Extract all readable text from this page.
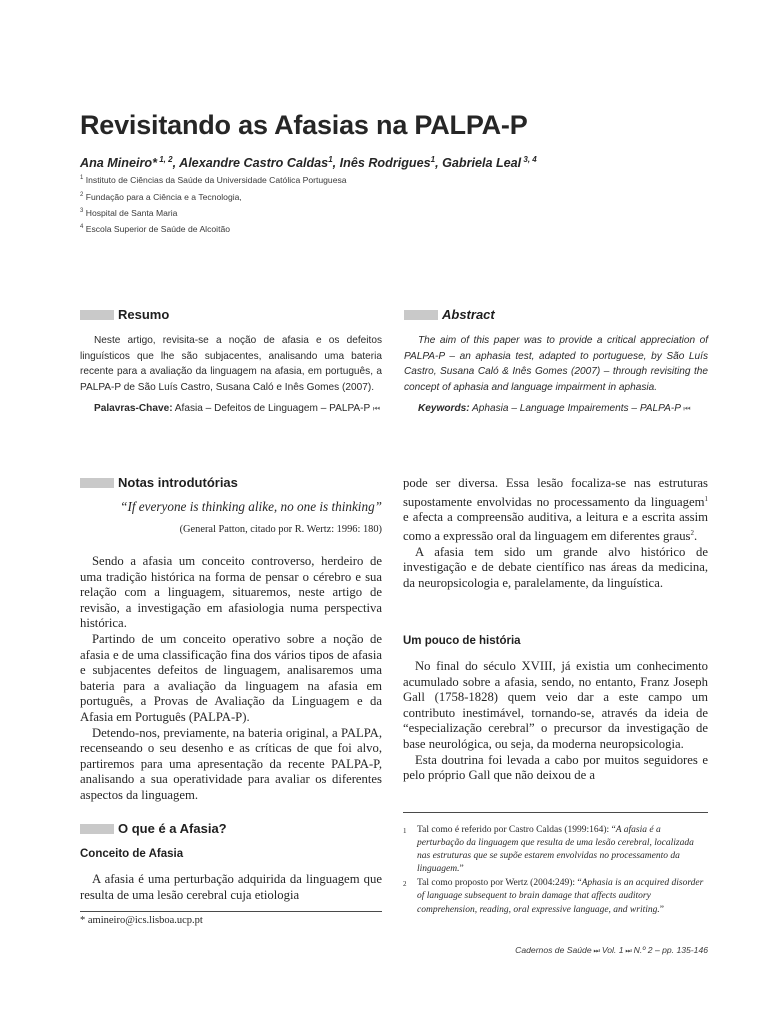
Revisitando as Afasias na PALPA-P
Ana Mineiro* $^{1, 2}$, Alexandre Castro Caldas$^1$, Inês Rodrigues$^1$, Gabriela Leal $^{3, 4}$
$^1$ Instituto de Ciências da Saúde da Universidade Católica Portuguesa
$^2$ Fundação para a Ciência e a Tecnologia,
$^3$ Hospital de Santa Maria
$^4$ Escola Superior de Saúde de Alcoitão
Resumo

Neste artigo, revisita-se a noção de afasia e os defeitos linguísticos que lhe são subjacentes, analisando uma bateria recente para a avaliação da linguagem na afasia, em português, a PALPA-P de São Luís Castro, Susana Caló e Inês Gomes (2007).

Palavras-Chave: Afasia – Defeitos de Linguagem – PALPA-P ⏮

Abstract

The aim of this paper was to provide a critical appreciation of PALPA-P – an aphasia test, adapted to portuguese, by São Luís Castro, Susana Caló & Inês Gomes (2007) – through revisiting the concept of aphasia and language impairment in aphasia.

Keywords: Aphasia – Language Impairements – PALPA-P ⏮

Notas introdutórias
“If everyone is thinking alike, no one is thinking”
(General Patton, citado por R. Wertz: 1996: 180)

Sendo a afasia um conceito controverso, herdeiro de uma tradição histórica na forma de pensar o cérebro e sua relação com a linguagem, situaremos, neste artigo de revisão, a investigação em afasiologia numa perspectiva histórica.

Partindo de um conceito operativo sobre a noção de afasia e de uma classificação fina dos vários tipos de afasia e subjacentes defeitos de linguagem, analisaremos uma bateria para a avaliação da linguagem na afasia em português, a Provas de Avaliação da Linguagem e da Afasia em Português (PALPA-P).

Detendo-nos, previamente, na bateria original, a PALPA, recenseando o seu desenho e as críticas de que foi alvo, partiremos para uma apresentação da recente PALPA-P, analisando a sua operatividade para avaliar os diferentes aspectos da linguagem.

O que é a Afasia?
Conceito de Afasia

A afasia é uma perturbação adquirida da linguagem que resulta de uma lesão cerebral cuja etiologia

* amineiro@ics.lisboa.ucp.pt

pode ser diversa. Essa lesão focaliza-se nas estruturas supostamente envolvidas no processamento da linguagem$^1$ e afecta a compreensão auditiva, a leitura e a escrita assim como a expressão oral da linguagem em diferentes graus$^2$.

A afasia tem sido um grande alvo histórico de investigação e de debate científico nas áreas da medicina, da neuropsicologia e, paralelamente, da linguística.

Um pouco de história

No final do século XVIII, já existia um conhecimento acumulado sobre a afasia, sendo, no entanto, Franz Joseph Gall (1758-1828) quem veio dar a este campo um contributo inestimável, tornando-se, através da ideia de “especialização cerebral” o precursor da investigação de base neurológica, ou seja, da moderna neuropsicologia.

Esta doutrina foi levada a cabo por muitos seguidores e pelo próprio Gall que não deixou de a

1	Tal como é referido por Castro Caldas (1999:164): “A afasia é a perturbação da linguagem que resulta de uma lesão cerebral, localizada nas estruturas que se supõe estarem envolvidas no processamento da linguagem.”
2	Tal como proposto por Wertz (2004:249): “Aphasia is an acquired disorder of language subsequent to brain damage that affects auditory comprehension, reading, oral expressive language, and writing.”
Cadernos de Saúde ⏭ Vol. 1 ⏭ N.º 2 – pp. 135-146
